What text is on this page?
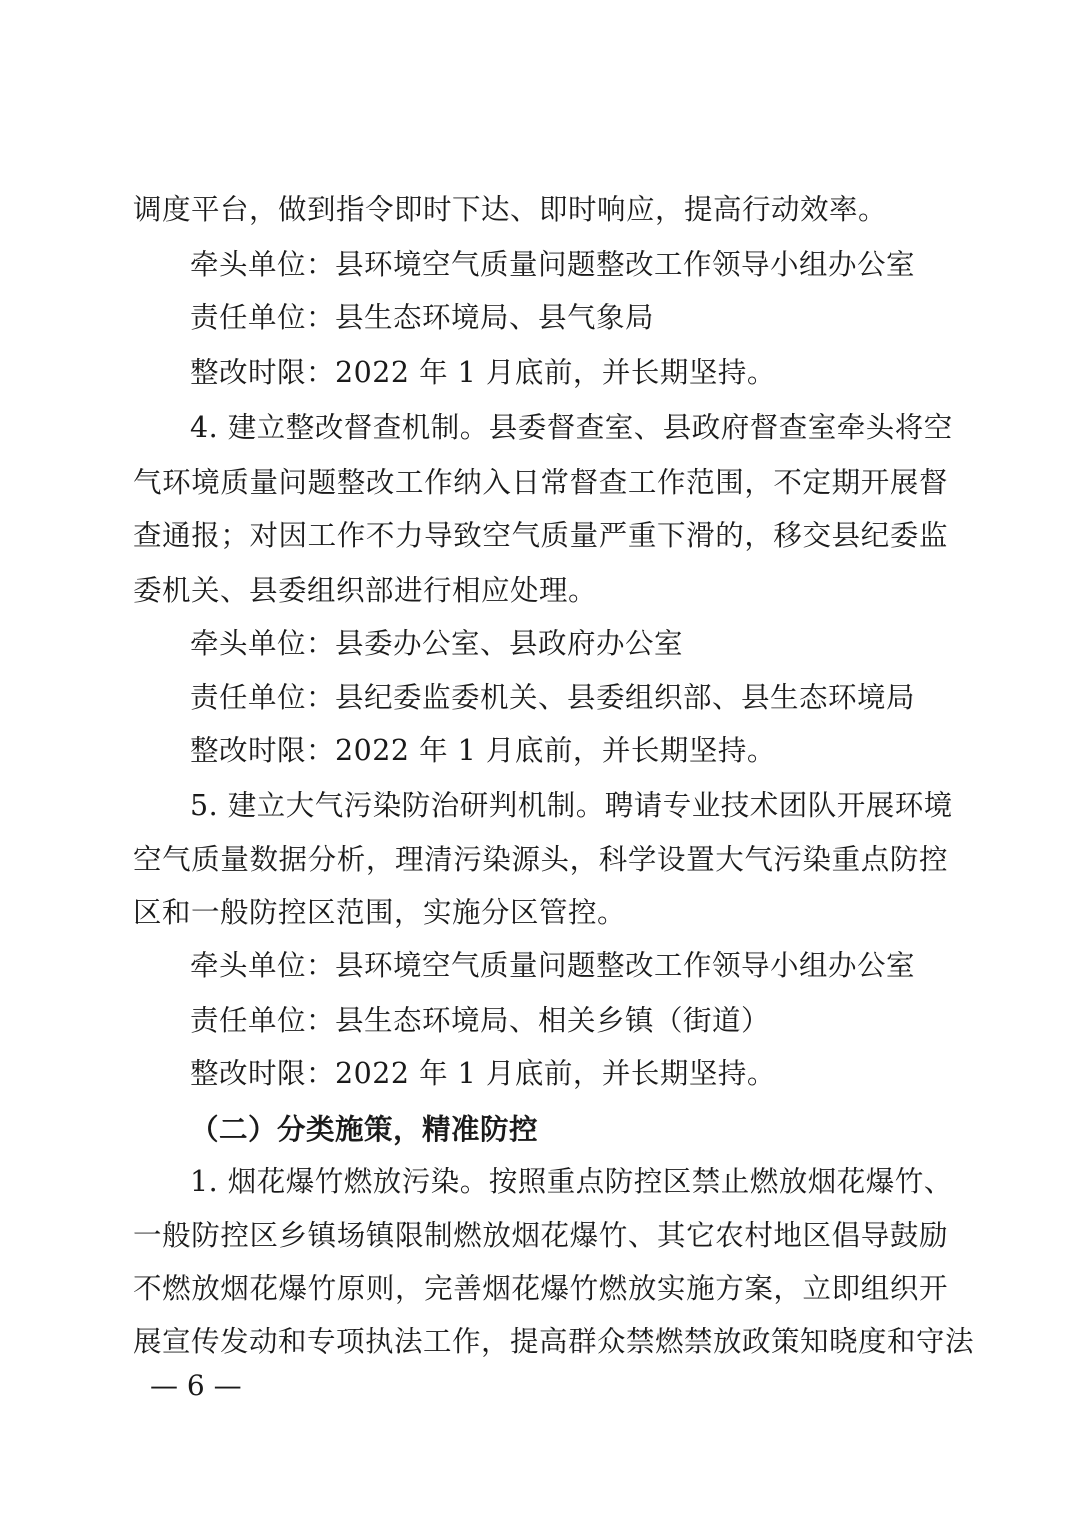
调度平台，做到指令即时下达、即时响应，提高行动效率。
牵头单位：县环境空气质量问题整改工作领导小组办公室
责任单位：县生态环境局、县气象局
整改时限：2022 年 1 月底前，并长期坚持。
4. 建立整改督查机制。县委督查室、县政府督查室牵头将空
气环境质量问题整改工作纳入日常督查工作范围，不定期开展督
查通报；对因工作不力导致空气质量严重下滑的，移交县纪委监
委机关、县委组织部进行相应处理。
牵头单位：县委办公室、县政府办公室
责任单位：县纪委监委机关、县委组织部、县生态环境局
整改时限：2022 年 1 月底前，并长期坚持。
5. 建立大气污染防治研判机制。聘请专业技术团队开展环境
空气质量数据分析，理清污染源头，科学设置大气污染重点防控
区和一般防控区范围，实施分区管控。
牵头单位：县环境空气质量问题整改工作领导小组办公室
责任单位：县生态环境局、相关乡镇（街道）
整改时限：2022 年 1 月底前，并长期坚持。
（二）分类施策，精准防控
1. 烟花爆竹燃放污染。按照重点防控区禁止燃放烟花爆竹、
一般防控区乡镇场镇限制燃放烟花爆竹、其它农村地区倡导鼓励
不燃放烟花爆竹原则，完善烟花爆竹燃放实施方案，立即组织开
展宣传发动和专项执法工作，提高群众禁燃禁放政策知晓度和守法
— 6 —
